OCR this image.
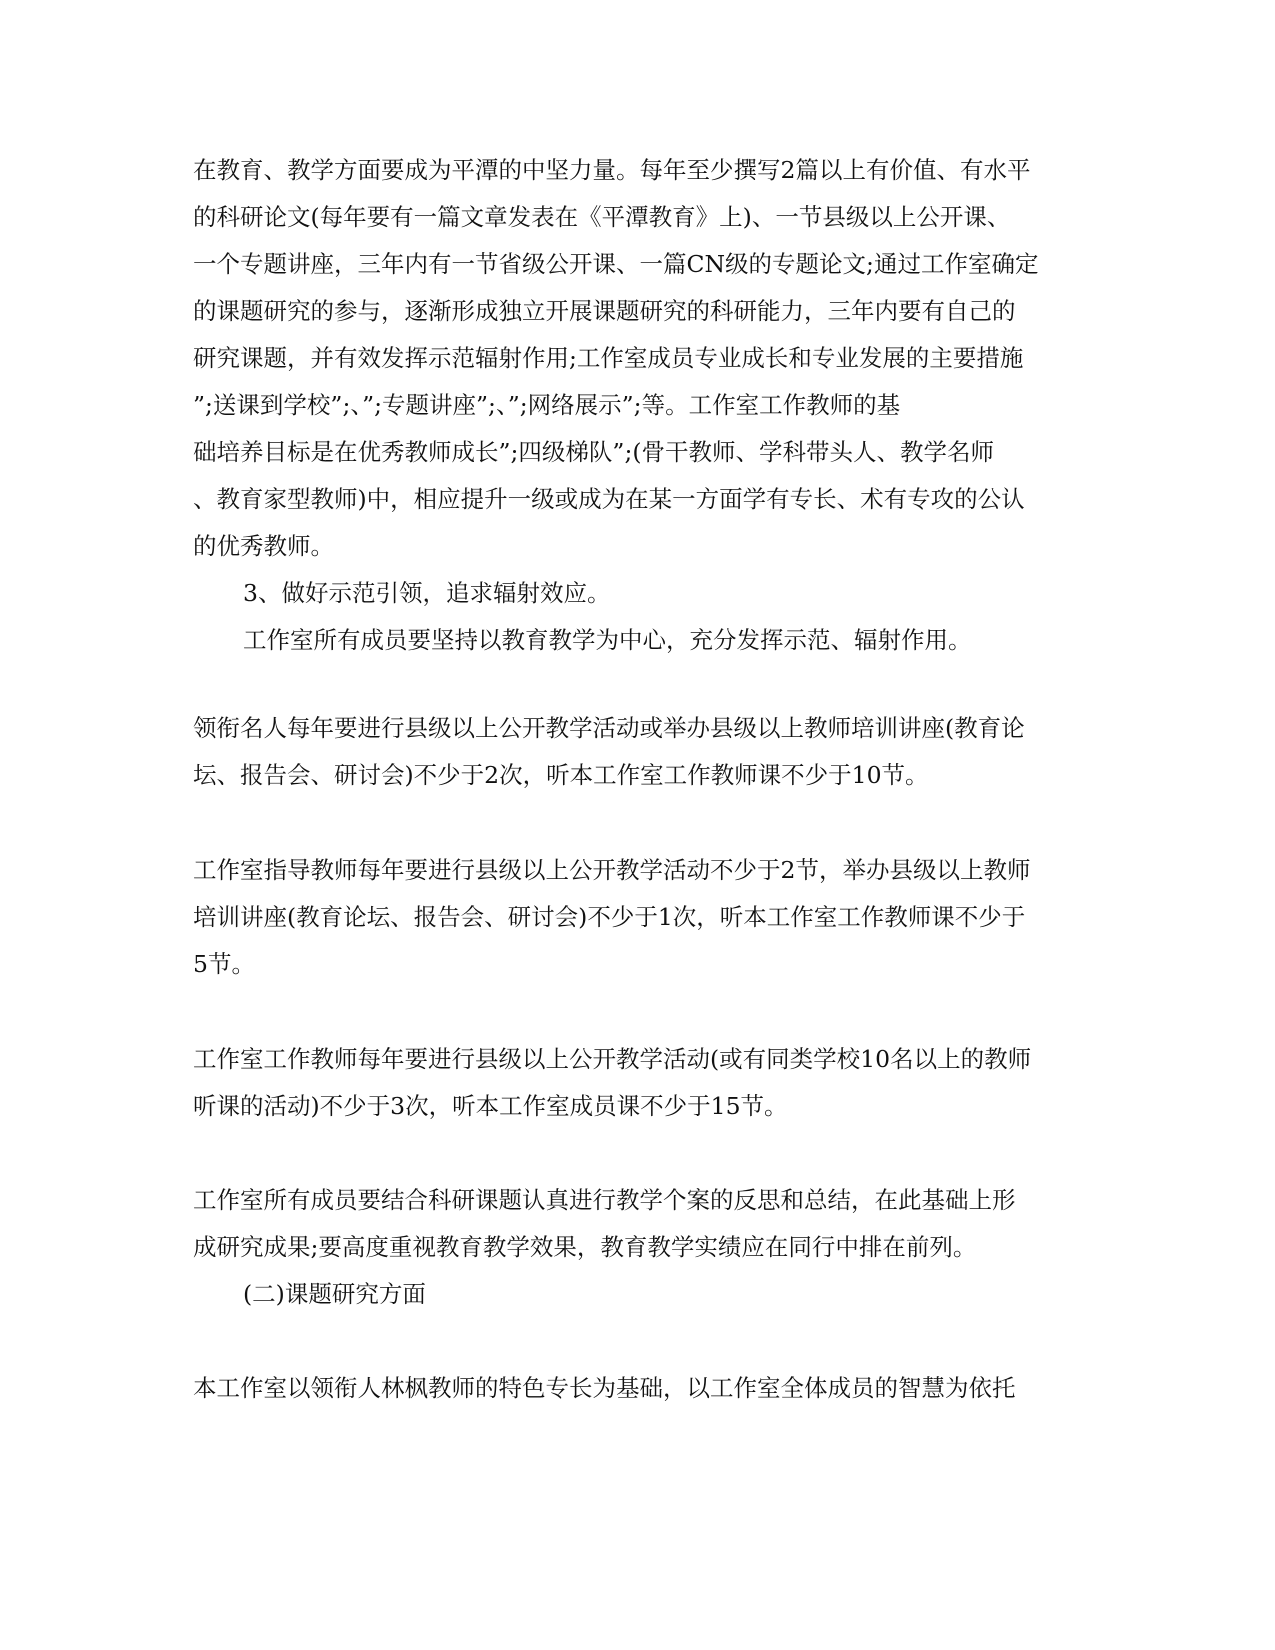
在教育、教学方面要成为平潭的中坚力量。每年至少撰写2篇以上有价值、有水平
的科研论文(每年要有一篇文章发表在《平潭教育》上)、一节县级以上公开课、
一个专题讲座，三年内有一节省级公开课、一篇CN级的专题论文;通过工作室确定
的课题研究的参与，逐渐形成独立开展课题研究的科研能力，三年内要有自己的
研究课题，并有效发挥示范辐射作用;工作室成员专业成长和专业发展的主要措施
”;送课到学校”;、”;专题讲座”;、”;网络展示”;等。工作室工作教师的基
础培养目标是在优秀教师成长”;四级梯队”;(骨干教师、学科带头人、教学名师
、教育家型教师)中，相应提升一级或成为在某一方面学有专长、术有专攻的公认
的优秀教师。
3、做好示范引领，追求辐射效应。
工作室所有成员要坚持以教育教学为中心，充分发挥示范、辐射作用。
领衔名人每年要进行县级以上公开教学活动或举办县级以上教师培训讲座(教育论
坛、报告会、研讨会)不少于2次，听本工作室工作教师课不少于10节。
工作室指导教师每年要进行县级以上公开教学活动不少于2节，举办县级以上教师
培训讲座(教育论坛、报告会、研讨会)不少于1次，听本工作室工作教师课不少于
5节。
工作室工作教师每年要进行县级以上公开教学活动(或有同类学校10名以上的教师
听课的活动)不少于3次，听本工作室成员课不少于15节。
工作室所有成员要结合科研课题认真进行教学个案的反思和总结，在此基础上形
成研究成果;要高度重视教育教学效果，教育教学实绩应在同行中排在前列。
(二)课题研究方面
本工作室以领衔人林枫教师的特色专长为基础，以工作室全体成员的智慧为依托
